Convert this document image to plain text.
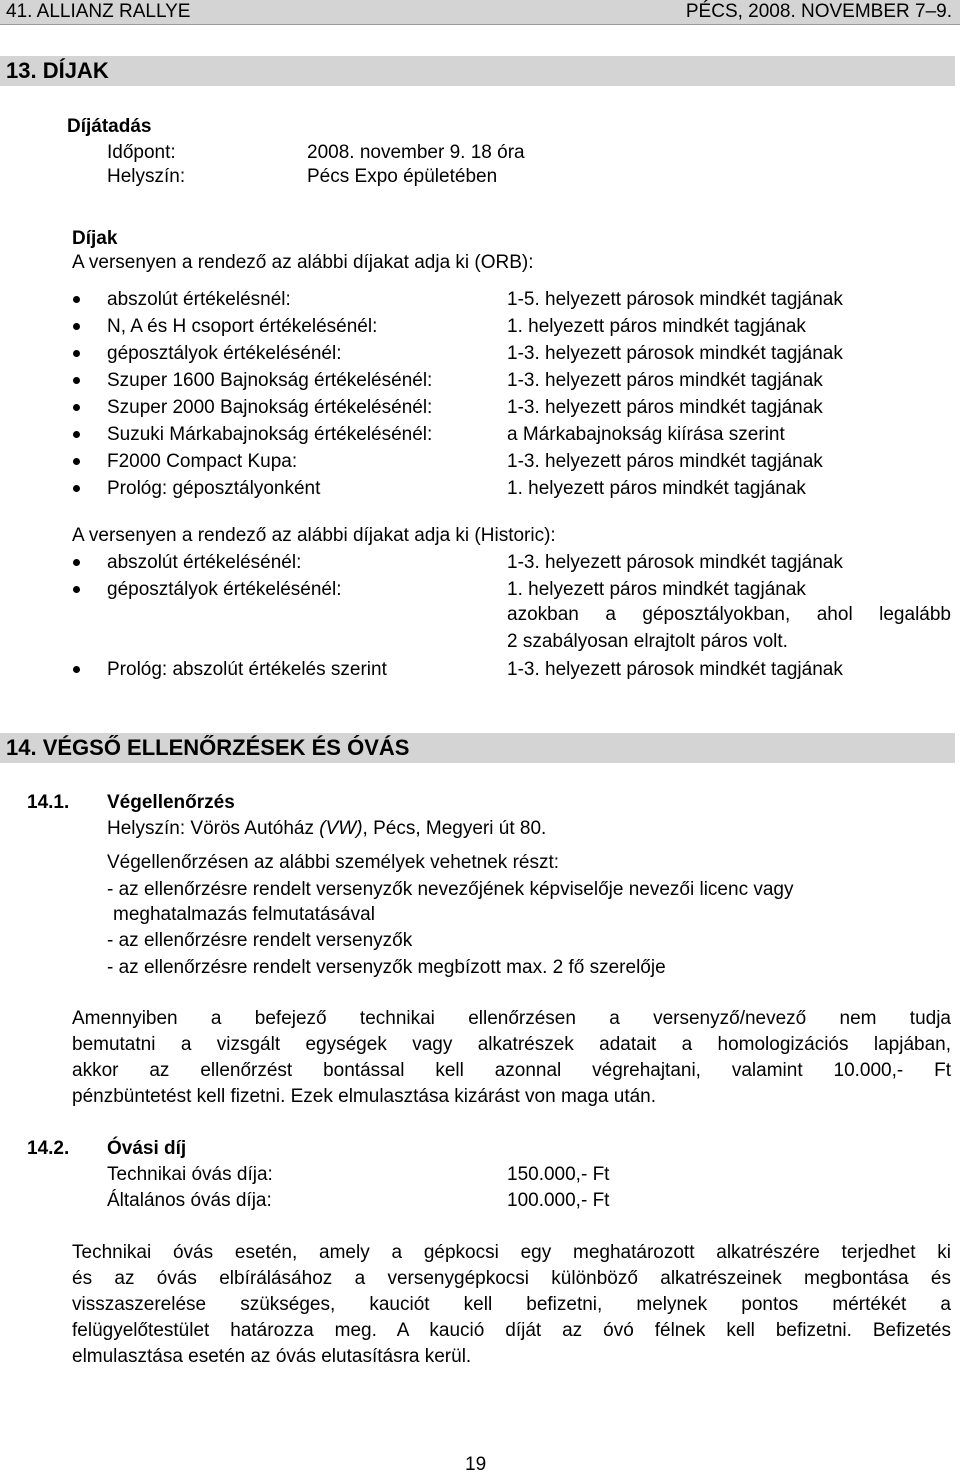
41. ALLIANZ RALLYE	PÉCS, 2008. NOVEMBER 7–9.
13. DÍJAK
Díjátadás
Időpont:	2008. november 9. 18 óra
Helyszín:	Pécs Expo épületében
Díjak
A versenyen a rendező az alábbi díjakat adja ki (ORB):
abszolút értékelésnél:	1-5. helyezett párosok mindkét tagjának
N, A és H csoport értékelésénél:	1. helyezett páros mindkét tagjának
géposztályok értékelésénél:	1-3. helyezett párosok mindkét tagjának
Szuper 1600 Bajnokság értékelésénél:	1-3. helyezett páros mindkét tagjának
Szuper 2000 Bajnokság értékelésénél:	1-3. helyezett páros mindkét tagjának
Suzuki Márkabajnokság értékelésénél:	a Márkabajnokság kiírása szerint
F2000 Compact Kupa:	1-3. helyezett páros mindkét tagjának
Prológ: géposztályonként	1. helyezett páros mindkét tagjának
A versenyen a rendező az alábbi díjakat adja ki (Historic):
abszolút értékelésénél:	1-3. helyezett párosok mindkét tagjának
géposztályok értékelésénél:	1. helyezett páros mindkét tagjának
azokban a géposztályokban, ahol legalább
2 szabályosan elrajtolt páros volt.
Prológ: abszolút értékelés szerint	1-3. helyezett párosok mindkét tagjának
14. VÉGSŐ ELLENŐRZÉSEK ÉS ÓVÁS
14.1. Végellenőrzés
Helyszín: Vörös Autóház (VW), Pécs, Megyeri út 80.
Végellenőrzésen az alábbi személyek vehetnek részt:
- az ellenőrzésre rendelt versenyzők nevezőjének képviselője nevezői licenc vagy
meghatalmazás felmutatásával
- az ellenőrzésre rendelt versenyzők
- az ellenőrzésre rendelt versenyzők megbízott max. 2 fő szerelője
Amennyiben a befejező technikai ellenőrzésen a versenyző/nevező nem tudja
bemutatni a vizsgált egységek vagy alkatrészek adatait a homologizációs lapjában,
akkor az ellenőrzést bontással kell azonnal végrehajtani, valamint 10.000,- Ft
pénzbüntetést kell fizetni. Ezek elmulasztása kizárást von maga után.
14.2. Óvási díj
Technikai óvás díja:	150.000,- Ft
Általános óvás díja:	100.000,- Ft
Technikai óvás esetén, amely a gépkocsi egy meghatározott alkatrészére terjedhet ki
és az óvás elbírálásához a versenygépkocsi különböző alkatrészeinek megbontása és
visszaszerelése szükséges, kauciót kell befizetni, melynek pontos mértékét a
felügyelőtestület határozza meg. A kaució díját az óvó félnek kell befizetni. Befizetés
elmulasztása esetén az óvás elutasításra kerül.
19
